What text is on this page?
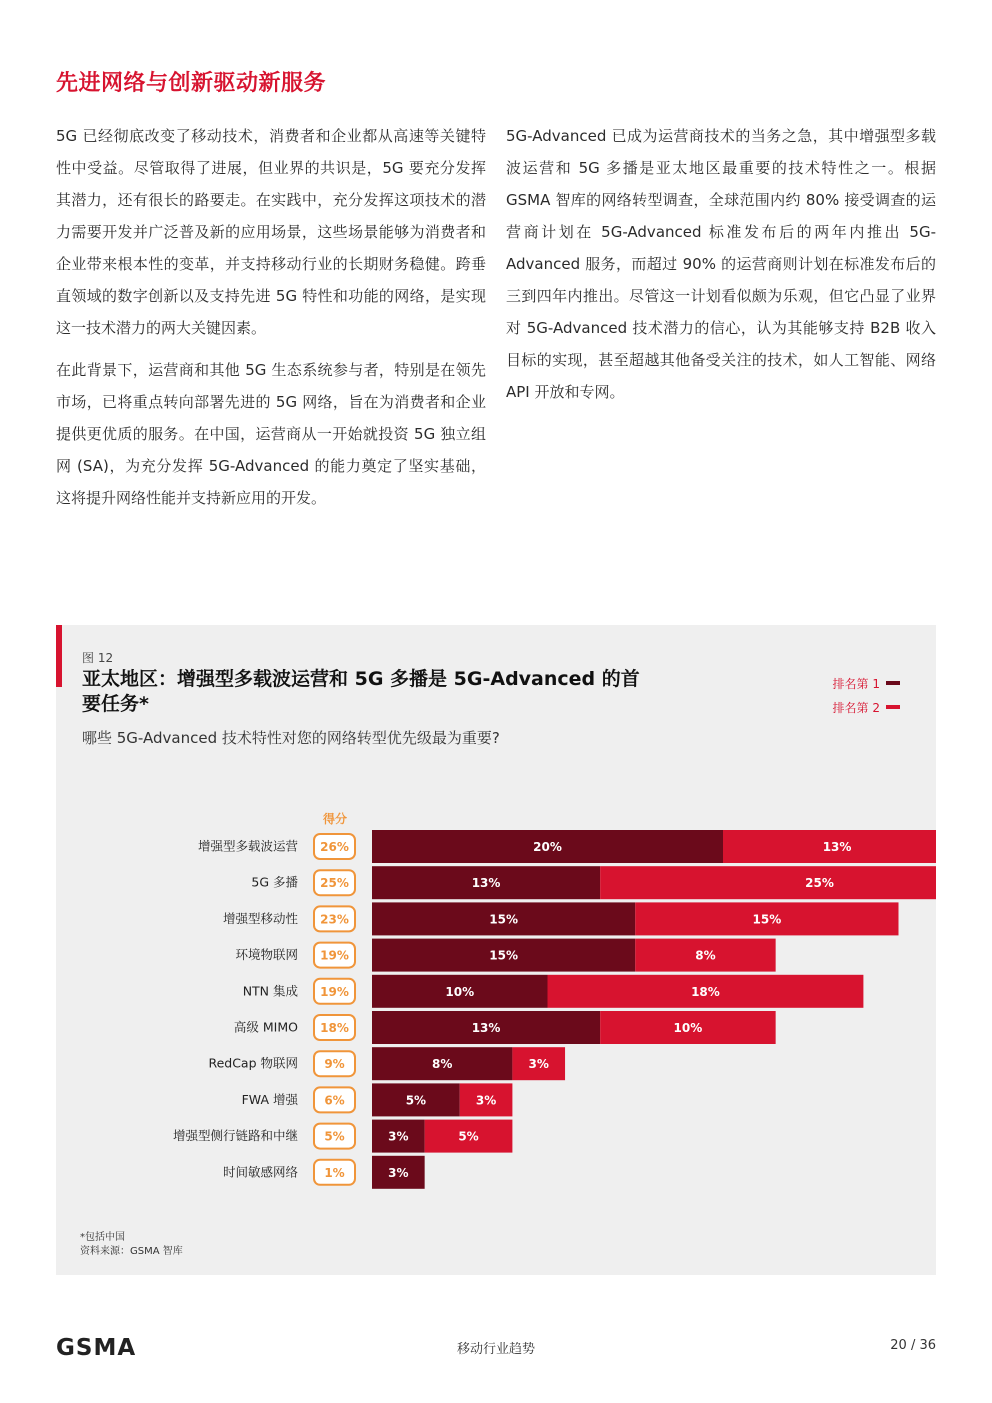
先进网络与创新驱动新服务

5G 已经彻底改变了移动技术，消费者和企业都从高速等关键特性中受益。尽管取得了进展，但业界的共识是，5G 要充分发挥其潜力，还有很长的路要走。在实践中，充分发挥这项技术的潜力需要开发并广泛普及新的应用场景，这些场景能够为消费者和企业带来根本性的变革，并支持移动行业的长期财务稳健。跨垂直领域的数字创新以及支持先进 5G 特性和功能的网络，是实现这一技术潜力的两大关键因素。

在此背景下，运营商和其他 5G 生态系统参与者，特别是在领先市场，已将重点转向部署先进的 5G 网络，旨在为消费者和企业提供更优质的服务。在中国，运营商从一开始就投资 5G 独立组网 (SA)，为充分发挥 5G-Advanced 的能力奠定了坚实基础，这将提升网络性能并支持新应用的开发。

5G-Advanced 已成为运营商技术的当务之急，其中增强型多载波运营和 5G 多播是亚太地区最重要的技术特性之一。根据 GSMA 智库的网络转型调查，全球范围内约 80% 接受调查的运营商计划在 5G-Advanced 标准发布后的两年内推出 5G-Advanced 服务，而超过 90% 的运营商则计划在标准发布后的三到四年内推出。尽管这一计划看似颇为乐观，但它凸显了业界对 5G-Advanced 技术潜力的信心，认为其能够支持 B2B 收入目标的实现，甚至超越其他备受关注的技术，如人工智能、网络 API 开放和专网。

图 12
亚太地区：增强型多载波运营和 5G 多播是 5G-Advanced 的首要任务*
哪些 5G-Advanced 技术特性对您的网络转型优先级最为重要?
排名第 1
排名第 2
得分
增强型多载波运营 26%	20%	13%
5G 多播 25%	13%	25%
增强型移动性 23%	15%	15%
环境物联网 19%	15%	8%
NTN 集成 19%	10%	18%
高级 MIMO 18%	13%	10%
RedCap 物联网 9%	8%	3%
FWA 增强 6%	5%	3%
增强型侧行链路和中继 5%	3%	5%
时间敏感网络 1%	3%
*包括中国
资料来源：GSMA 智库
GSMA	移动行业趋势	20 / 36
